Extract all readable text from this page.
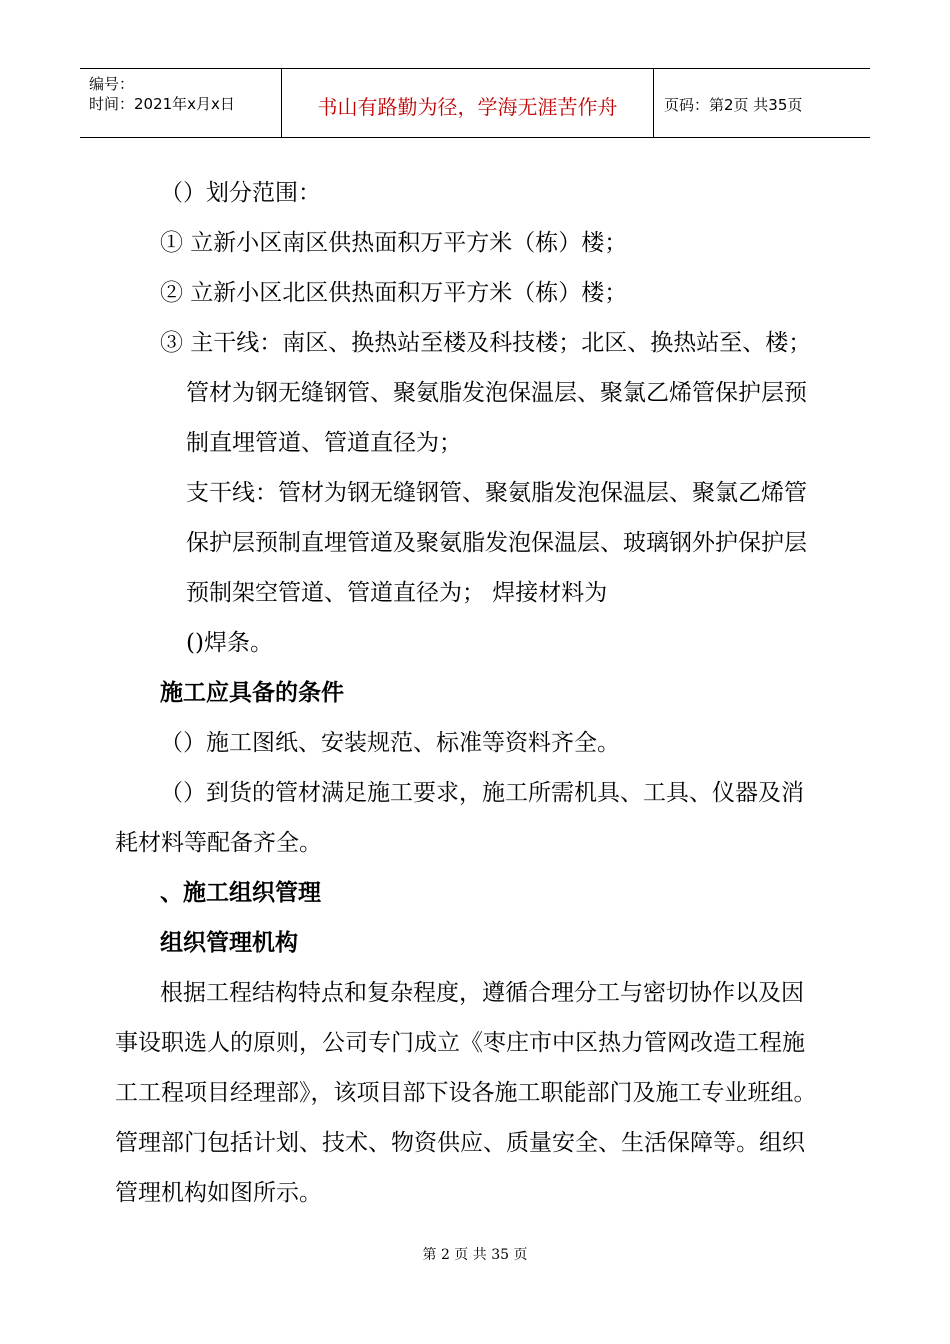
编号：
时间：2021年x月x日	书山有路勤为径，学海无涯苦作舟	页码：第2页 共35页
（）划分范围：
① 立新小区南区供热面积万平方米（栋）楼；
② 立新小区北区供热面积万平方米（栋）楼；
③ 主干线：南区、换热站至楼及科技楼；北区、换热站至、楼；
管材为钢无缝钢管、聚氨脂发泡保温层、聚氯乙烯管保护层预
制直埋管道、管道直径为；
支干线：管材为钢无缝钢管、聚氨脂发泡保温层、聚氯乙烯管
保护层预制直埋管道及聚氨脂发泡保温层、玻璃钢外护保护层
预制架空管道、管道直径为； 焊接材料为
()焊条。
施工应具备的条件
（）施工图纸、安装规范、标准等资料齐全。
（）到货的管材满足施工要求，施工所需机具、工具、仪器及消
耗材料等配备齐全。
、施工组织管理
组织管理机构
根据工程结构特点和复杂程度，遵循合理分工与密切协作以及因
事设职选人的原则，公司专门成立《枣庄市中区热力管网改造工程施
工工程项目经理部》，该项目部下设各施工职能部门及施工专业班组。
管理部门包括计划、技术、物资供应、质量安全、生活保障等。组织
管理机构如图所示。
第 2 页 共 35 页
